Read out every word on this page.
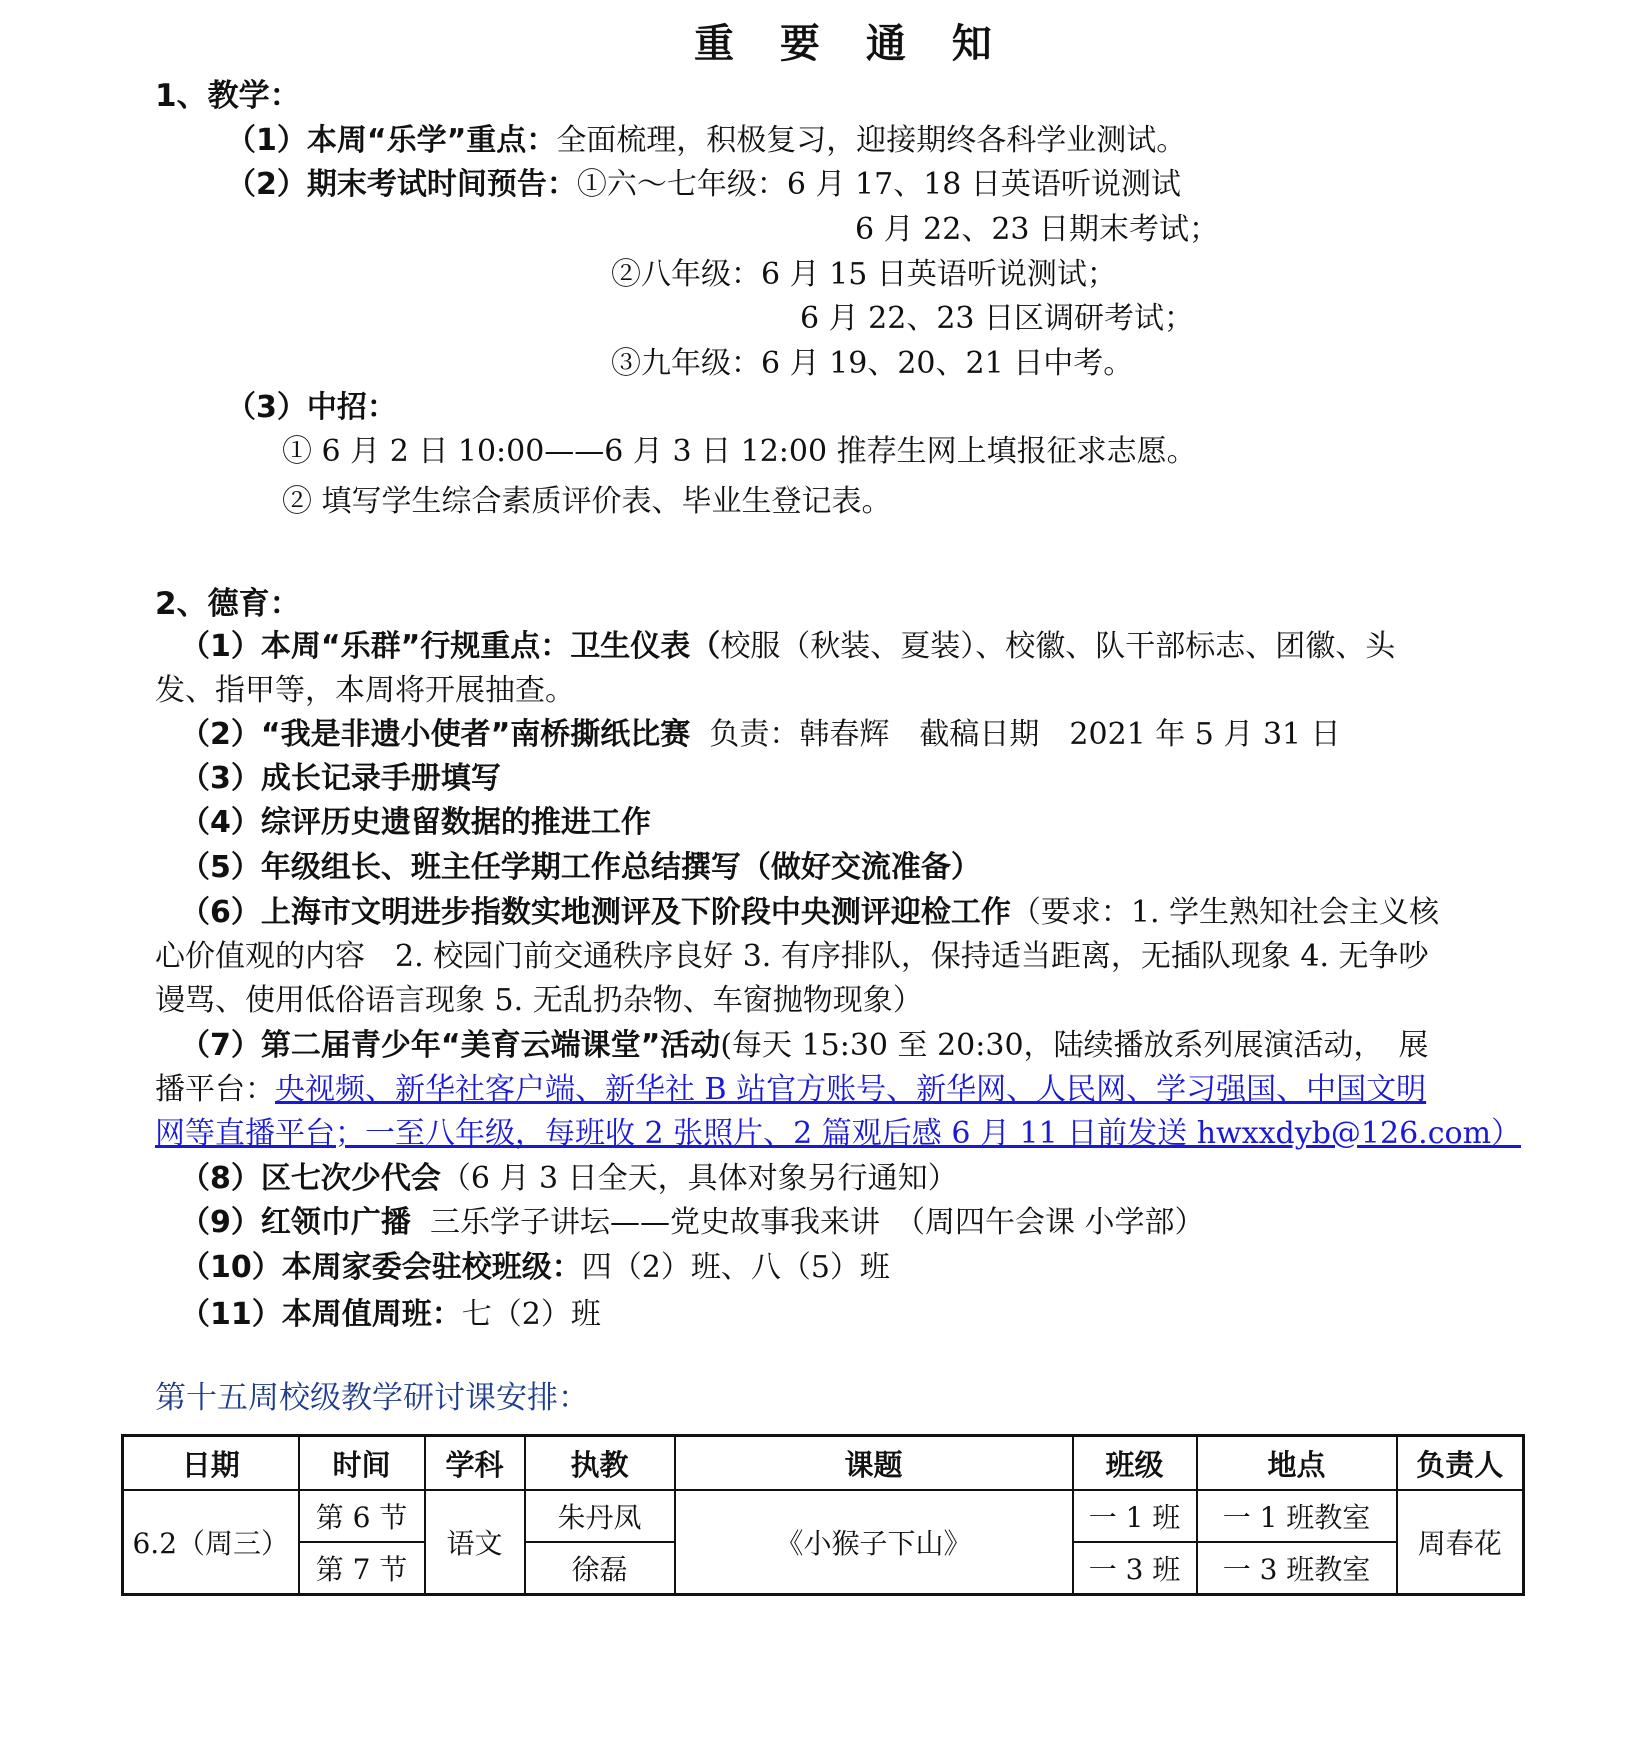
重 要 通 知
1、教学：
（1）本周“乐学”重点：全面梳理，积极复习，迎接期终各科学业测试。
（2）期末考试时间预告：①六～七年级：6 月 17、18 日英语听说测试
6 月 22、23 日期末考试；
②八年级：6 月 15 日英语听说测试；
6 月 22、23 日区调研考试；
③九年级：6 月 19、20、21 日中考。
（3）中招：
① 6 月 2 日 10:00——6 月 3 日 12:00 推荐生网上填报征求志愿。
② 填写学生综合素质评价表、毕业生登记表。
2、德育：
（1）本周“乐群”行规重点：卫生仪表（校服（秋装、夏装）、校徽、队干部标志、团徽、头
发、指甲等，本周将开展抽查。
（2）“我是非遗小使者”南桥撕纸比赛 负责：韩春辉　截稿日期　2021 年 5 月 31 日
（3）成长记录手册填写
（4）综评历史遗留数据的推进工作
（5）年级组长、班主任学期工作总结撰写（做好交流准备）
（6）上海市文明进步指数实地测评及下阶段中央测评迎检工作（要求：1. 学生熟知社会主义核
心价值观的内容　2. 校园门前交通秩序良好 3. 有序排队，保持适当距离，无插队现象 4. 无争吵
谩骂、使用低俗语言现象 5. 无乱扔杂物、车窗抛物现象）
（7）第二届青少年“美育云端课堂”活动(每天 15:30 至 20:30，陆续播放系列展演活动，　展
播平台：央视频、新华社客户端、新华社 B 站官方账号、新华网、人民网、学习强国、中国文明
网等直播平台；一至八年级，每班收 2 张照片、2 篇观后感 6 月 11 日前发送 hwxxdyb@126.com）
（8）区七次少代会（6 月 3 日全天，具体对象另行通知）
（9）红领巾广播 三乐学子讲坛——党史故事我来讲　（周四午会课 小学部）
（10）本周家委会驻校班级：四（2）班、八（5）班
（11）本周值周班：七（2）班
第十五周校级教学研讨课安排：
日期	时间	学科	执教	课题	班级	地点	负责人
6.2（周三）	第 6 节	语文	朱丹凤	《小猴子下山》	一 1 班	一 1 班教室	周春花
	第 7 节		徐磊		一 3 班	一 3 班教室	
